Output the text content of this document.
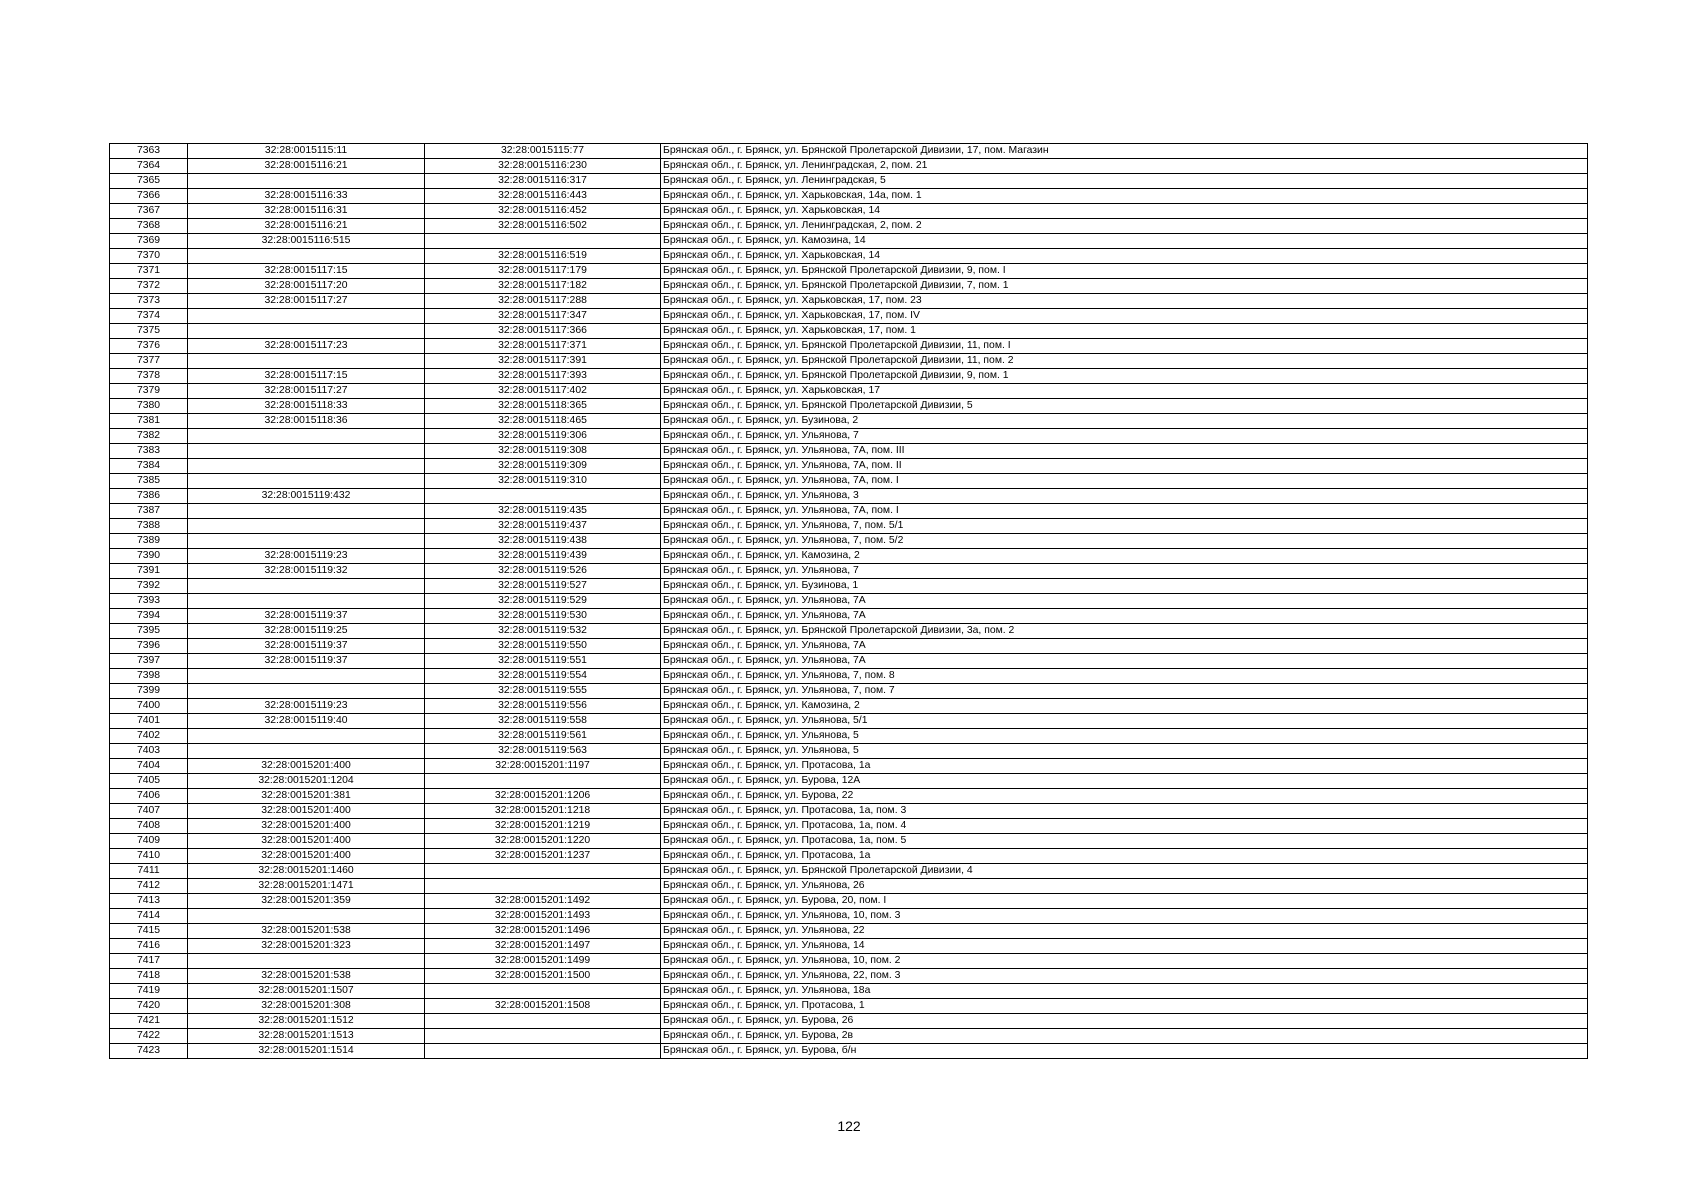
7363	32:28:0015115:11	32:28:0015115:77	Брянская обл., г. Брянск, ул. Брянской Пролетарской Дивизии, 17, пом. Магазин
7364	32:28:0015116:21	32:28:0015116:230	Брянская обл., г. Брянск, ул. Ленинградская, 2, пом. 21
7365		32:28:0015116:317	Брянская обл., г. Брянск, ул. Ленинградская, 5
7366	32:28:0015116:33	32:28:0015116:443	Брянская обл., г. Брянск, ул. Харьковская, 14а, пом. 1
7367	32:28:0015116:31	32:28:0015116:452	Брянская обл., г. Брянск, ул. Харьковская, 14
7368	32:28:0015116:21	32:28:0015116:502	Брянская обл., г. Брянск, ул. Ленинградская, 2, пом. 2
7369	32:28:0015116:515		Брянская обл., г. Брянск, ул. Камозина, 14
7370		32:28:0015116:519	Брянская обл., г. Брянск, ул. Харьковская, 14
7371	32:28:0015117:15	32:28:0015117:179	Брянская обл., г. Брянск, ул. Брянской Пролетарской Дивизии, 9, пом. I
7372	32:28:0015117:20	32:28:0015117:182	Брянская обл., г. Брянск, ул. Брянской Пролетарской Дивизии, 7, пом. 1
7373	32:28:0015117:27	32:28:0015117:288	Брянская обл., г. Брянск, ул. Харьковская, 17, пом. 23
7374		32:28:0015117:347	Брянская обл., г. Брянск, ул. Харьковская, 17, пом. IV
7375		32:28:0015117:366	Брянская обл., г. Брянск, ул. Харьковская, 17, пом. 1
7376	32:28:0015117:23	32:28:0015117:371	Брянская обл., г. Брянск, ул. Брянской Пролетарской Дивизии, 11, пом. I
7377		32:28:0015117:391	Брянская обл., г. Брянск, ул. Брянской Пролетарской Дивизии, 11, пом. 2
7378	32:28:0015117:15	32:28:0015117:393	Брянская обл., г. Брянск, ул. Брянской Пролетарской Дивизии, 9, пом. 1
7379	32:28:0015117:27	32:28:0015117:402	Брянская обл., г. Брянск, ул. Харьковская, 17
7380	32:28:0015118:33	32:28:0015118:365	Брянская обл., г. Брянск, ул. Брянской Пролетарской Дивизии, 5
7381	32:28:0015118:36	32:28:0015118:465	Брянская обл., г. Брянск, ул. Бузинова, 2
7382		32:28:0015119:306	Брянская обл., г. Брянск, ул. Ульянова, 7
7383		32:28:0015119:308	Брянская обл., г. Брянск, ул. Ульянова, 7А, пом. III
7384		32:28:0015119:309	Брянская обл., г. Брянск, ул. Ульянова, 7А, пом. II
7385		32:28:0015119:310	Брянская обл., г. Брянск, ул. Ульянова, 7А, пом. I
7386	32:28:0015119:432		Брянская обл., г. Брянск, ул. Ульянова, 3
7387		32:28:0015119:435	Брянская обл., г. Брянск, ул. Ульянова, 7А, пом. I
7388		32:28:0015119:437	Брянская обл., г. Брянск, ул. Ульянова, 7, пом. 5/1
7389		32:28:0015119:438	Брянская обл., г. Брянск, ул. Ульянова, 7, пом. 5/2
7390	32:28:0015119:23	32:28:0015119:439	Брянская обл., г. Брянск, ул. Камозина, 2
7391	32:28:0015119:32	32:28:0015119:526	Брянская обл., г. Брянск, ул. Ульянова, 7
7392		32:28:0015119:527	Брянская обл., г. Брянск, ул. Бузинова, 1
7393		32:28:0015119:529	Брянская обл., г. Брянск, ул. Ульянова, 7А
7394	32:28:0015119:37	32:28:0015119:530	Брянская обл., г. Брянск, ул. Ульянова, 7А
7395	32:28:0015119:25	32:28:0015119:532	Брянская обл., г. Брянск, ул. Брянской Пролетарской Дивизии, 3а, пом. 2
7396	32:28:0015119:37	32:28:0015119:550	Брянская обл., г. Брянск, ул. Ульянова, 7А
7397	32:28:0015119:37	32:28:0015119:551	Брянская обл., г. Брянск, ул. Ульянова, 7А
7398		32:28:0015119:554	Брянская обл., г. Брянск, ул. Ульянова, 7, пом. 8
7399		32:28:0015119:555	Брянская обл., г. Брянск, ул. Ульянова, 7, пом. 7
7400	32:28:0015119:23	32:28:0015119:556	Брянская обл., г. Брянск, ул. Камозина, 2
7401	32:28:0015119:40	32:28:0015119:558	Брянская обл., г. Брянск, ул. Ульянова, 5/1
7402		32:28:0015119:561	Брянская обл., г. Брянск, ул. Ульянова, 5
7403		32:28:0015119:563	Брянская обл., г. Брянск, ул. Ульянова, 5
7404	32:28:0015201:400	32:28:0015201:1197	Брянская обл., г. Брянск, ул. Протасова, 1а
7405	32:28:0015201:1204		Брянская обл., г. Брянск, ул. Бурова, 12А
7406	32:28:0015201:381	32:28:0015201:1206	Брянская обл., г. Брянск, ул. Бурова, 22
7407	32:28:0015201:400	32:28:0015201:1218	Брянская обл., г. Брянск, ул. Протасова, 1а, пом. 3
7408	32:28:0015201:400	32:28:0015201:1219	Брянская обл., г. Брянск, ул. Протасова, 1а, пом. 4
7409	32:28:0015201:400	32:28:0015201:1220	Брянская обл., г. Брянск, ул. Протасова, 1а, пом. 5
7410	32:28:0015201:400	32:28:0015201:1237	Брянская обл., г. Брянск, ул. Протасова, 1а
7411	32:28:0015201:1460		Брянская обл., г. Брянск, ул. Брянской Пролетарской Дивизии, 4
7412	32:28:0015201:1471		Брянская обл., г. Брянск, ул. Ульянова, 26
7413	32:28:0015201:359	32:28:0015201:1492	Брянская обл., г. Брянск, ул. Бурова, 20, пом. I
7414		32:28:0015201:1493	Брянская обл., г. Брянск, ул. Ульянова, 10, пом. 3
7415	32:28:0015201:538	32:28:0015201:1496	Брянская обл., г. Брянск, ул. Ульянова, 22
7416	32:28:0015201:323	32:28:0015201:1497	Брянская обл., г. Брянск, ул. Ульянова, 14
7417		32:28:0015201:1499	Брянская обл., г. Брянск, ул. Ульянова, 10, пом. 2
7418	32:28:0015201:538	32:28:0015201:1500	Брянская обл., г. Брянск, ул. Ульянова, 22, пом. 3
7419	32:28:0015201:1507		Брянская обл., г. Брянск, ул. Ульянова, 18а
7420	32:28:0015201:308	32:28:0015201:1508	Брянская обл., г. Брянск, ул. Протасова, 1
7421	32:28:0015201:1512		Брянская обл., г. Брянск, ул. Бурова, 26
7422	32:28:0015201:1513		Брянская обл., г. Брянск, ул. Бурова, 2в
7423	32:28:0015201:1514		Брянская обл., г. Брянск, ул. Бурова, б/н
122
